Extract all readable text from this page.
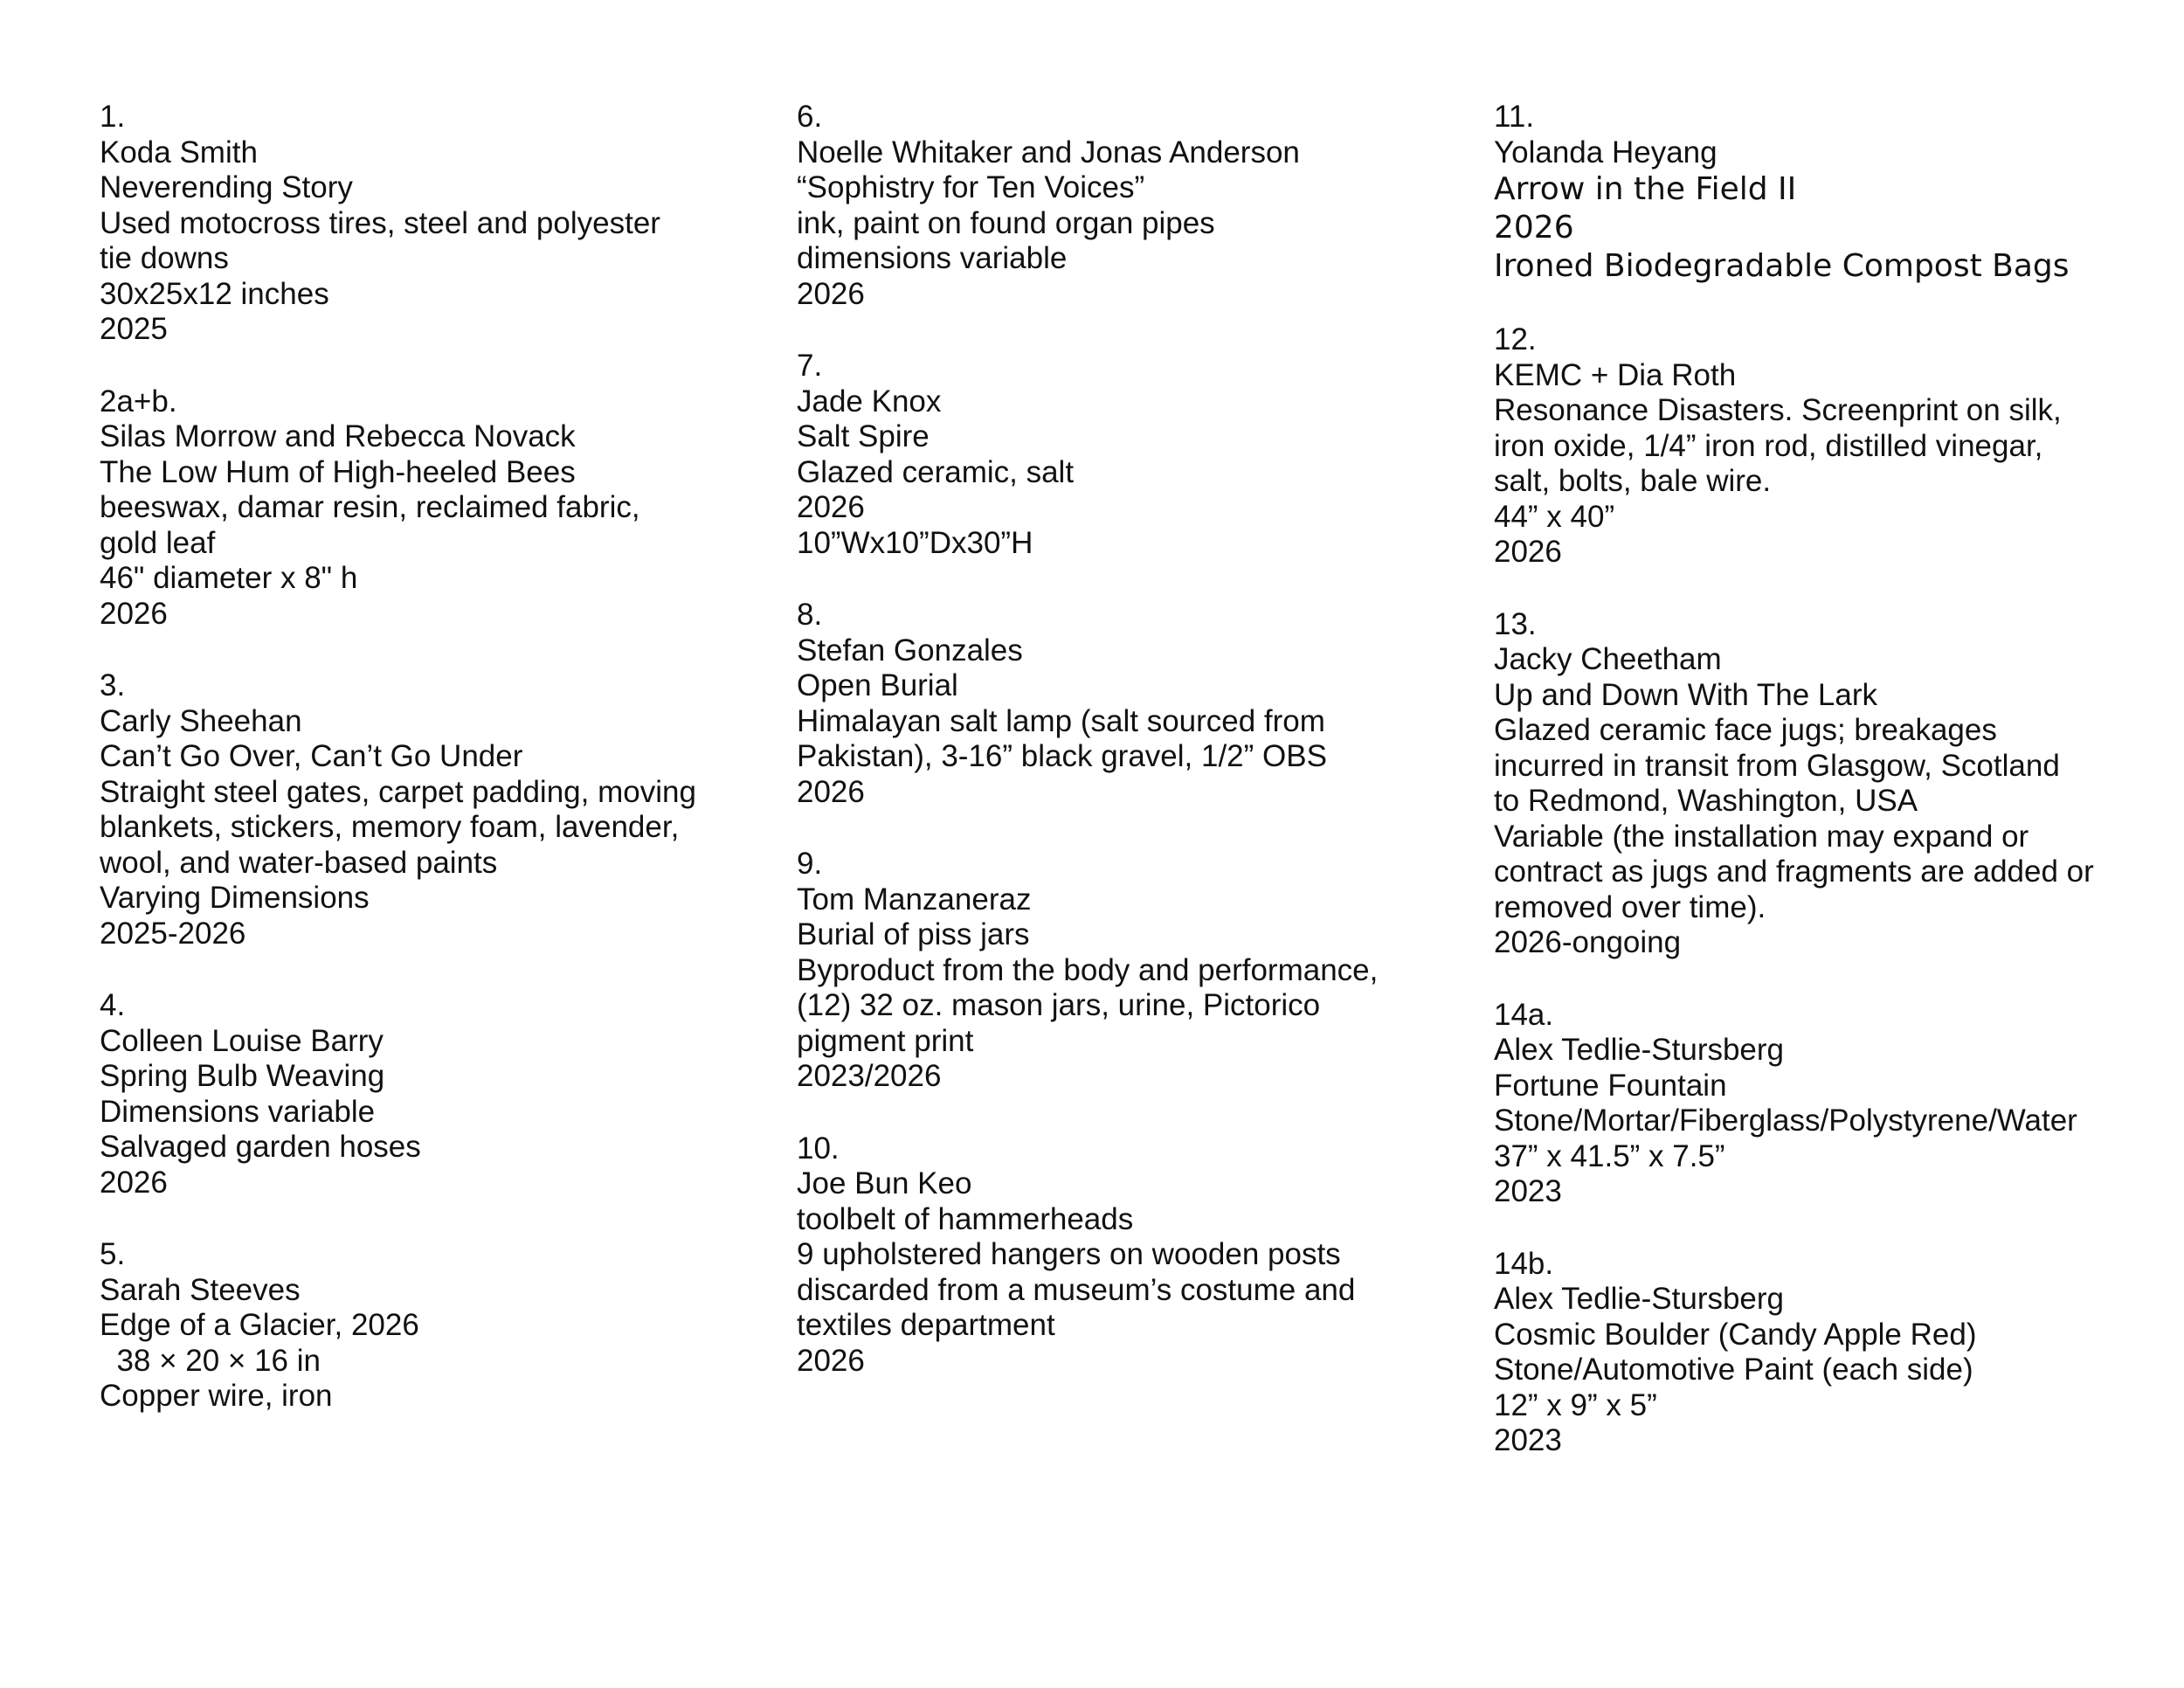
1.
Koda Smith
Neverending Story
Used motocross tires, steel and polyester
tie downs
30x25x12 inches
2025
2a+b.
Silas Morrow and Rebecca Novack
The Low Hum of High-heeled Bees
beeswax, damar resin, reclaimed fabric,
gold leaf
46" diameter x 8" h
2026
3.
Carly Sheehan
Can’t Go Over, Can’t Go Under
Straight steel gates, carpet padding, moving
blankets, stickers, memory foam, lavender,
wool, and water-based paints
Varying Dimensions
2025-2026
4.
Colleen Louise Barry
Spring Bulb Weaving
Dimensions variable
Salvaged garden hoses
2026
5.
Sarah Steeves
Edge of a Glacier, 2026
38 × 20 × 16 in
Copper wire, iron
6.
Noelle Whitaker and Jonas Anderson
“Sophistry for Ten Voices”
ink, paint on found organ pipes
dimensions variable
2026
7.
Jade Knox
Salt Spire
Glazed ceramic, salt
2026
10”Wx10”Dx30”H
8.
Stefan Gonzales
Open Burial
Himalayan salt lamp (salt sourced from
Pakistan), 3-16” black gravel, 1/2” OBS
2026
9.
Tom Manzaneraz
Burial of piss jars
Byproduct from the body and performance,
(12) 32 oz. mason jars, urine, Pictorico
pigment print
2023/2026
10.
Joe Bun Keo
toolbelt of hammerheads
9 upholstered hangers on wooden posts
discarded from a museum’s costume and
textiles department
2026
11.
Yolanda Heyang
Arrow in the Field II
2026
Ironed Biodegradable Compost Bags
12.
KEMC + Dia Roth
Resonance Disasters. Screenprint on silk,
iron oxide, 1/4” iron rod, distilled vinegar,
salt, bolts, bale wire.
44” x 40”
2026
13.
Jacky Cheetham
Up and Down With The Lark
Glazed ceramic face jugs; breakages
incurred in transit from Glasgow, Scotland
to Redmond, Washington, USA
Variable (the installation may expand or
contract as jugs and fragments are added or
removed over time).
2026-ongoing
14a.
Alex Tedlie-Stursberg
Fortune Fountain
Stone/Mortar/Fiberglass/Polystyrene/Water
37” x 41.5” x 7.5”
2023
14b.
Alex Tedlie-Stursberg
Cosmic Boulder (Candy Apple Red)
Stone/Automotive Paint (each side)
12” x 9” x 5”
2023
